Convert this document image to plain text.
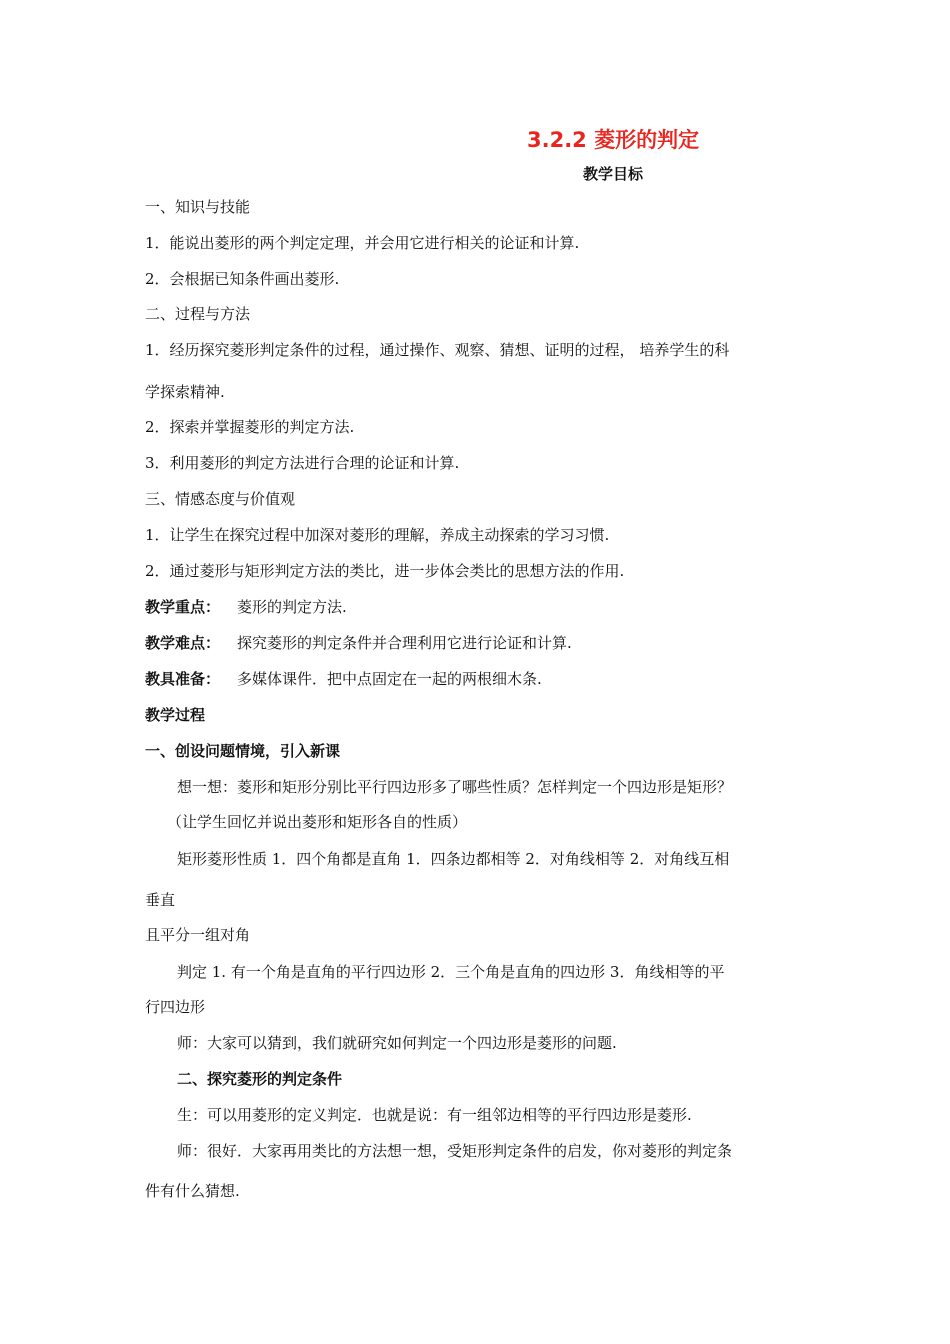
3.2.2 菱形的判定
教学目标
一、知识与技能
1．能说出菱形的两个判定定理，并会用它进行相关的论证和计算.
2．会根据已知条件画出菱形.
二、过程与方法
1．经历探究菱形判定条件的过程，通过操作、观察、猜想、证明的过程， 培养学生的科
学探索精神.
2．探索并掌握菱形的判定方法.
3．利用菱形的判定方法进行合理的论证和计算.
三、情感态度与价值观
1．让学生在探究过程中加深对菱形的理解，养成主动探索的学习习惯.
2．通过菱形与矩形判定方法的类比，进一步体会类比的思想方法的作用.
教学重点： 菱形的判定方法.
教学难点： 探究菱形的判定条件并合理利用它进行论证和计算.
教具准备： 多媒体课件．把中点固定在一起的两根细木条.
教学过程
一、创设问题情境，引入新课
想一想：菱形和矩形分别比平行四边形多了哪些性质？怎样判定一个四边形是矩形？
（让学生回忆并说出菱形和矩形各自的性质）
矩形菱形性质 1．四个角都是直角 1．四条边都相等 2．对角线相等 2．对角线互相
垂直
且平分一组对角
判定 1. 有一个角是直角的平行四边形 2．三个角是直角的四边形 3．角线相等的平
行四边形
师：大家可以猜到，我们就研究如何判定一个四边形是菱形的问题.
二、探究菱形的判定条件
生：可以用菱形的定义判定．也就是说：有一组邻边相等的平行四边形是菱形.
师：很好．大家再用类比的方法想一想，受矩形判定条件的启发，你对菱形的判定条
件有什么猜想.
